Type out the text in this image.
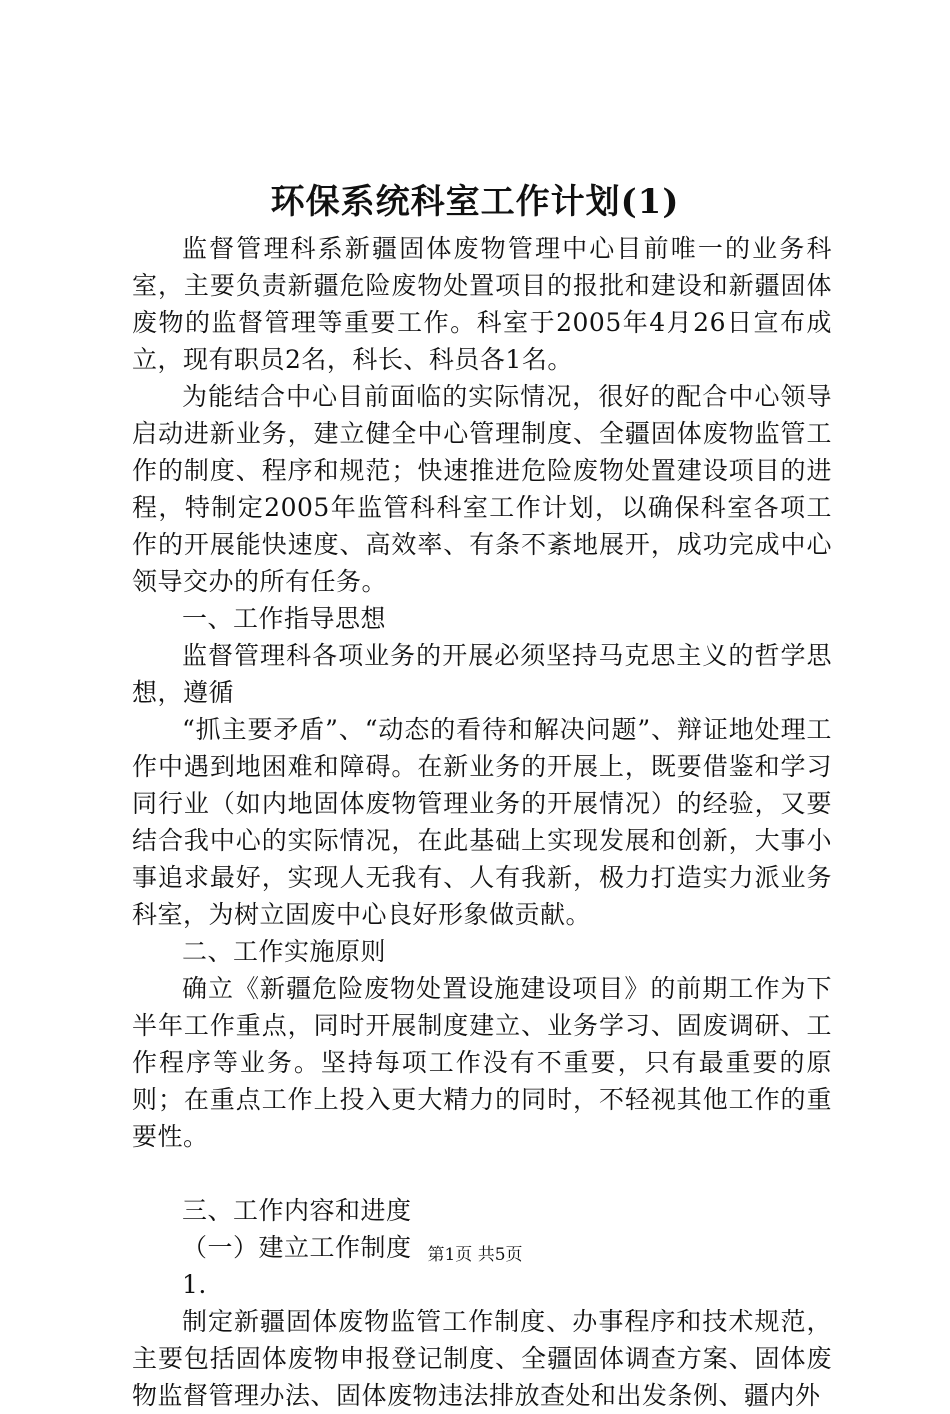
环保系统科室工作计划(1)

监督管理科系新疆固体废物管理中心目前唯一的业务科室，主要负责新疆危险废物处置项目的报批和建设和新疆固体废物的监督管理等重要工作。科室于2005年4月26日宣布成立，现有职员2名，科长、科员各1名。

为能结合中心目前面临的实际情况，很好的配合中心领导启动进新业务，建立健全中心管理制度、全疆固体废物监管工作的制度、程序和规范；快速推进危险废物处置建设项目的进程，特制定2005年监管科科室工作计划，以确保科室各项工作的开展能快速度、高效率、有条不紊地展开，成功完成中心领导交办的所有任务。

一、工作指导思想

监督管理科各项业务的开展必须坚持马克思主义的哲学思想，遵循

“抓主要矛盾”、“动态的看待和解决问题”、辩证地处理工作中遇到地困难和障碍。在新业务的开展上，既要借鉴和学习同行业（如内地固体废物管理业务的开展情况）的经验，又要结合我中心的实际情况，在此基础上实现发展和创新，大事小事追求最好，实现人无我有、人有我新，极力打造实力派业务科室，为树立固废中心良好形象做贡献。

二、工作实施原则

确立《新疆危险废物处置设施建设项目》的前期工作为下半年工作重点，同时开展制度建立、业务学习、固废调研、工作程序等业务。坚持每项工作没有不重要，只有最重要的原则；在重点工作上投入更大精力的同时，不轻视其他工作的重要性。

三、工作内容和进度

（一）建立工作制度

1.

制定新疆固体废物监管工作制度、办事程序和技术规范，主要包括固体废物申报登记制度、全疆固体调查方案、固体废物监督管理办法、固体废物违法排放查处和出发条例、疆内外

第1页 共5页
